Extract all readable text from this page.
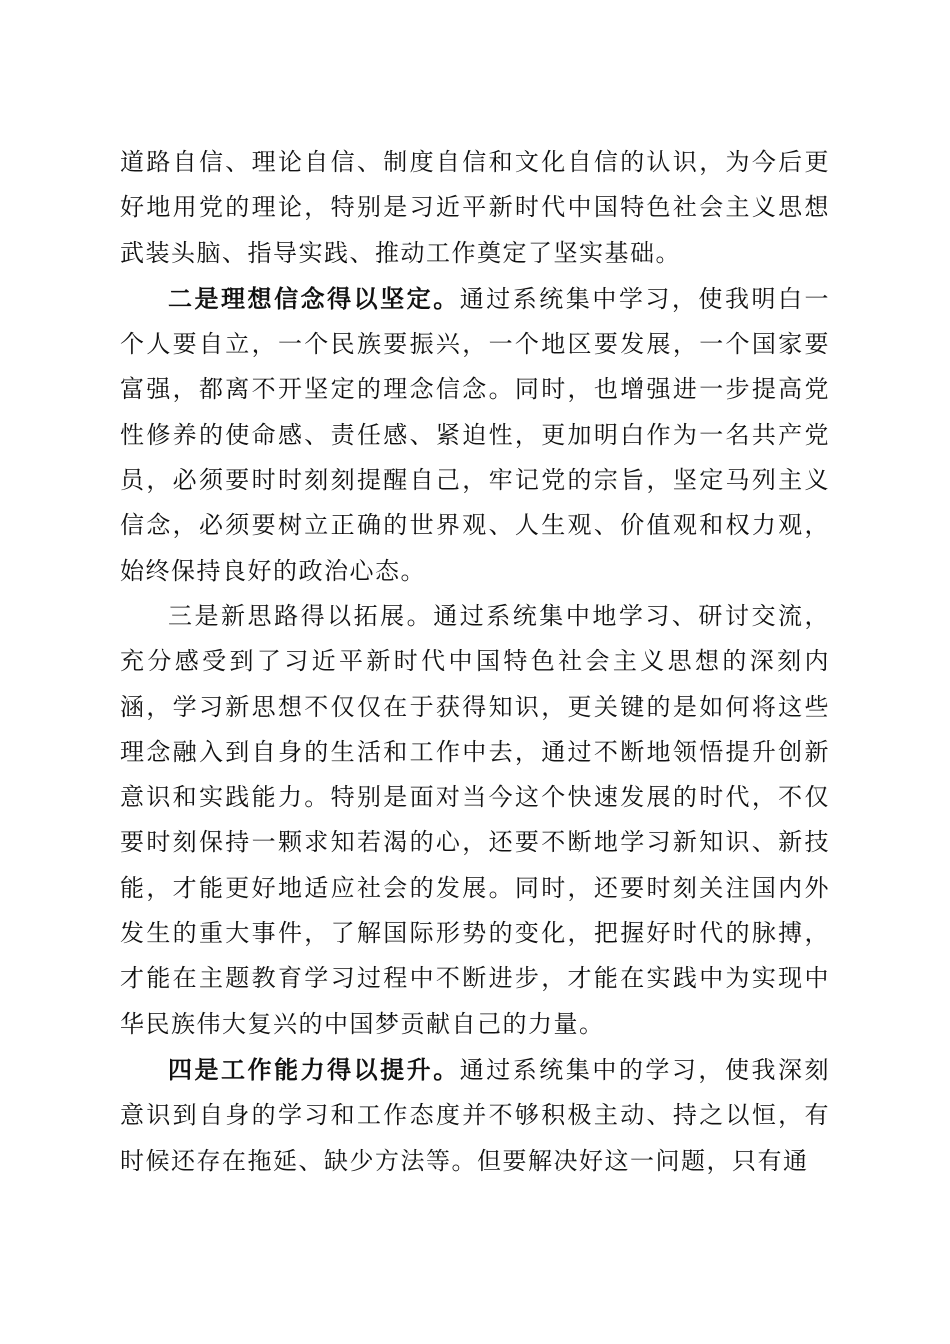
道路自信、理论自信、制度自信和文化自信的认识，为今后更好地用党的理论，特别是习近平新时代中国特色社会主义思想武装头脑、指导实践、推动工作奠定了坚实基础。

二是理想信念得以坚定。通过系统集中学习，使我明白一个人要自立，一个民族要振兴，一个地区要发展，一个国家要富强，都离不开坚定的理念信念。同时，也增强进一步提高党性修养的使命感、责任感、紧迫性，更加明白作为一名共产党员，必须要时时刻刻提醒自己，牢记党的宗旨，坚定马列主义信念，必须要树立正确的世界观、人生观、价值观和权力观，始终保持良好的政治心态。

三是新思路得以拓展。通过系统集中地学习、研讨交流，充分感受到了习近平新时代中国特色社会主义思想的深刻内涵，学习新思想不仅仅在于获得知识，更关键的是如何将这些理念融入到自身的生活和工作中去，通过不断地领悟提升创新意识和实践能力。特别是面对当今这个快速发展的时代，不仅要时刻保持一颗求知若渴的心，还要不断地学习新知识、新技能，才能更好地适应社会的发展。同时，还要时刻关注国内外发生的重大事件，了解国际形势的变化，把握好时代的脉搏，才能在主题教育学习过程中不断进步，才能在实践中为实现中华民族伟大复兴的中国梦贡献自己的力量。

四是工作能力得以提升。通过系统集中的学习，使我深刻意识到自身的学习和工作态度并不够积极主动、持之以恒，有时候还存在拖延、缺少方法等。但要解决好这一问题，只有通
